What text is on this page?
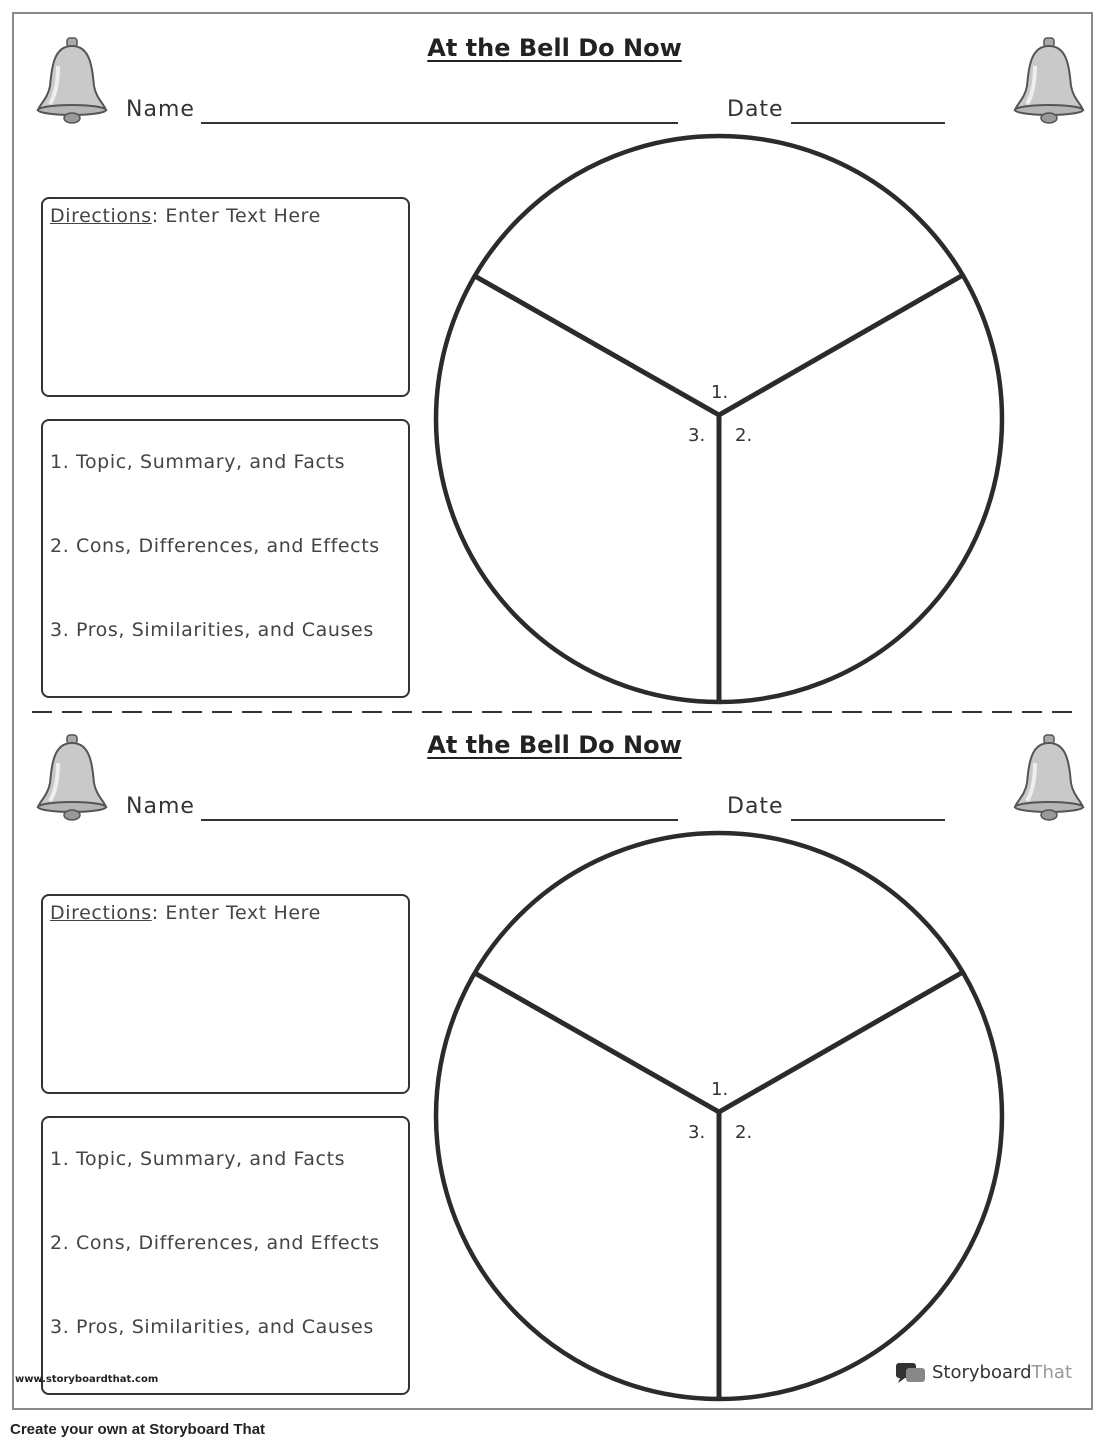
At the Bell Do Now
Name	Date
Directions: Enter Text Here
1. Topic, Summary, and Facts
2. Cons, Differences, and Effects
3. Pros, Similarities, and Causes
1.
2.
3.
At the Bell Do Now
Name	Date
Directions: Enter Text Here
1. Topic, Summary, and Facts
2. Cons, Differences, and Effects
3. Pros, Similarities, and Causes
1.
2.
3.
www.storyboardthat.com	StoryboardThat
Create your own at Storyboard That
